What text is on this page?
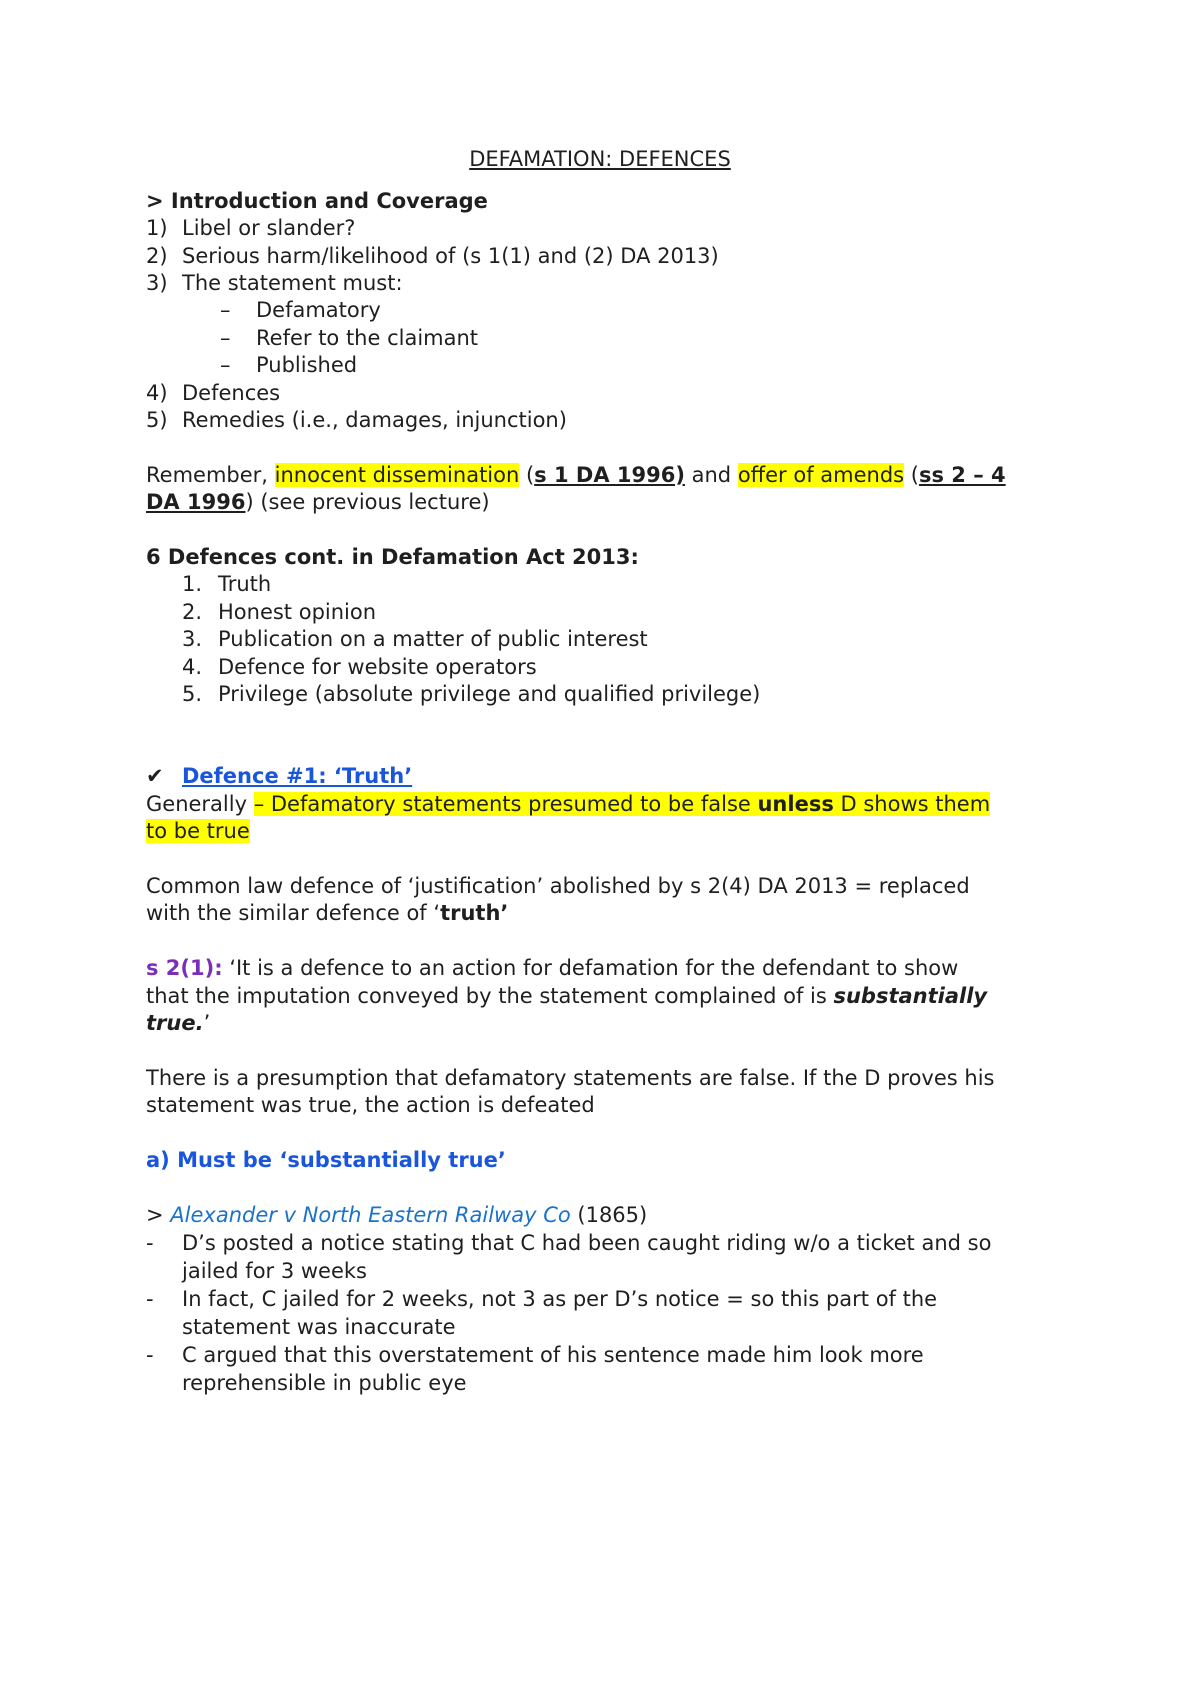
DEFAMATION: DEFENCES
> Introduction and Coverage
1) Libel or slander?
2) Serious harm/likelihood of (s 1(1) and (2) DA 2013)
3) The statement must:
– Defamatory
– Refer to the claimant
– Published
4) Defences
5) Remedies (i.e., damages, injunction)
Remember, innocent dissemination (s 1 DA 1996) and offer of amends (ss 2 – 4
DA 1996) (see previous lecture)
6 Defences cont. in Defamation Act 2013:
1. Truth
2. Honest opinion
3. Publication on a matter of public interest
4. Defence for website operators
5. Privilege (absolute privilege and qualified privilege)
✔ Defence #1: ‘Truth’
Generally – Defamatory statements presumed to be false unless D shows them
to be true
Common law defence of ‘justification’ abolished by s 2(4) DA 2013 = replaced
with the similar defence of ‘truth’
s 2(1): ‘It is a defence to an action for defamation for the defendant to show
that the imputation conveyed by the statement complained of is substantially
true.’
There is a presumption that defamatory statements are false. If the D proves his
statement was true, the action is defeated
a) Must be ‘substantially true’
> Alexander v North Eastern Railway Co (1865)
- D’s posted a notice stating that C had been caught riding w/o a ticket and so
jailed for 3 weeks
- In fact, C jailed for 2 weeks, not 3 as per D’s notice = so this part of the
statement was inaccurate
- C argued that this overstatement of his sentence made him look more
reprehensible in public eye
